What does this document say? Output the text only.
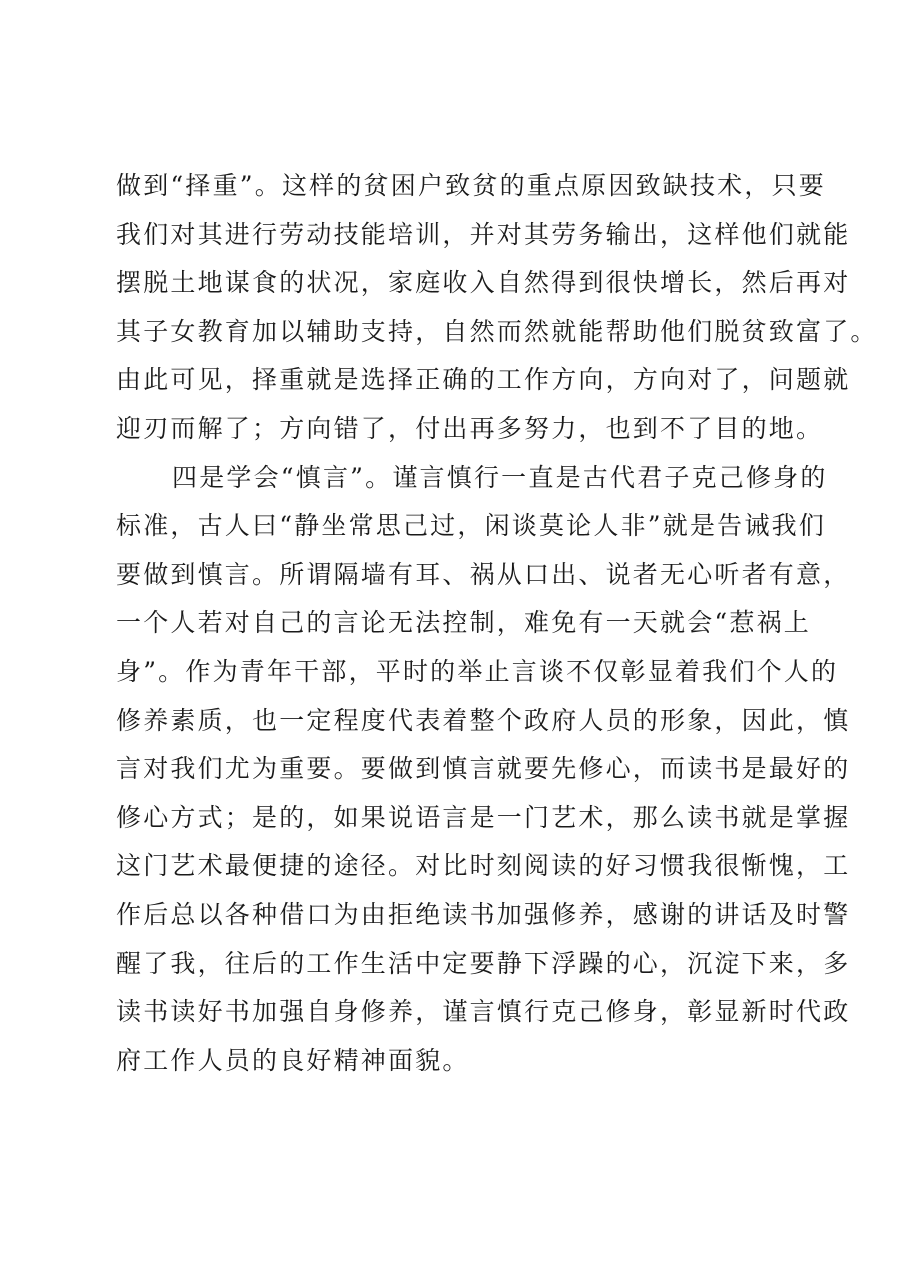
做到“择重”。这样的贫困户致贫的重点原因致缺技术，只要
我们对其进行劳动技能培训，并对其劳务输出，这样他们就能
摆脱土地谋食的状况，家庭收入自然得到很快增长，然后再对
其子女教育加以辅助支持，自然而然就能帮助他们脱贫致富了。
由此可见，择重就是选择正确的工作方向，方向对了，问题就
迎刃而解了；方向错了，付出再多努力，也到不了目的地。
四是学会“慎言”。谨言慎行一直是古代君子克己修身的
标准，古人曰“静坐常思己过，闲谈莫论人非”就是告诫我们
要做到慎言。所谓隔墙有耳、祸从口出、说者无心听者有意，
一个人若对自己的言论无法控制，难免有一天就会“惹祸上
身”。作为青年干部，平时的举止言谈不仅彰显着我们个人的
修养素质，也一定程度代表着整个政府人员的形象，因此，慎
言对我们尤为重要。要做到慎言就要先修心，而读书是最好的
修心方式；是的，如果说语言是一门艺术，那么读书就是掌握
这门艺术最便捷的途径。对比时刻阅读的好习惯我很惭愧，工
作后总以各种借口为由拒绝读书加强修养，感谢的讲话及时警
醒了我，往后的工作生活中定要静下浮躁的心，沉淀下来，多
读书读好书加强自身修养，谨言慎行克己修身，彰显新时代政
府工作人员的良好精神面貌。
